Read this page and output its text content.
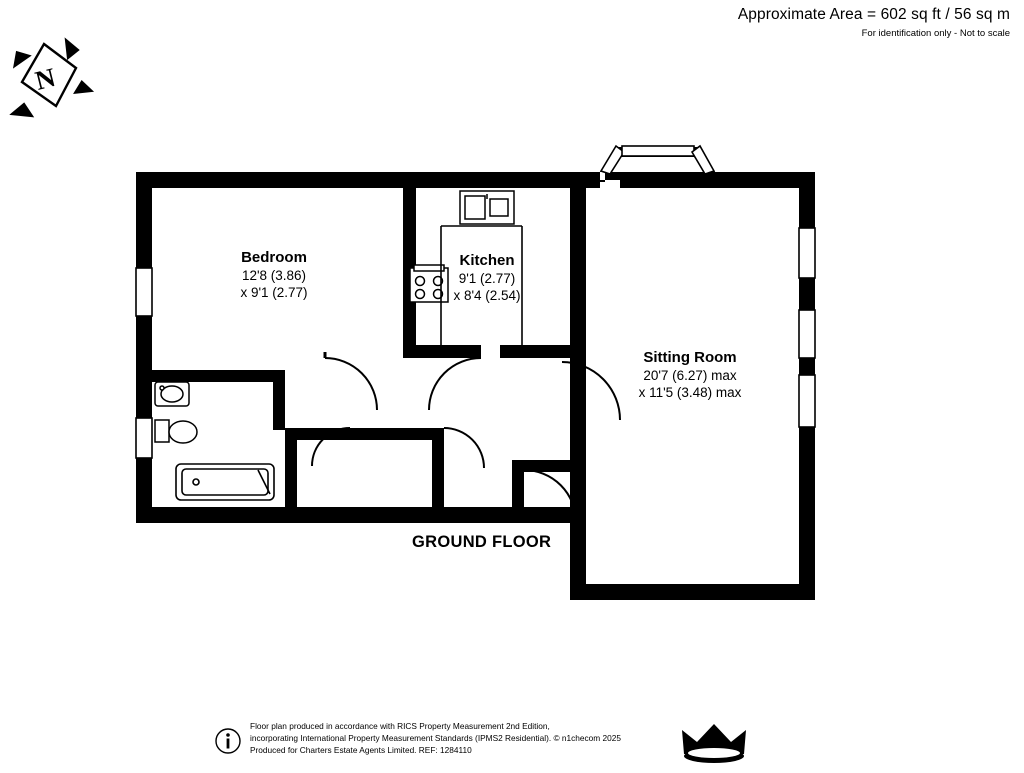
Approximate Area = 602 sq ft / 56 sq m
For identification only - Not to scale
N
Bedroom
12'8 (3.86)
x 9'1 (2.77)
Kitchen
9'1 (2.77)
x 8'4 (2.54)
Sitting Room
20'7 (6.27) max
x 11'5 (3.48) max
GROUND FLOOR
Floor plan produced in accordance with RICS Property Measurement 2nd Edition,
incorporating International Property Measurement Standards (IPMS2 Residential). © n1checom 2025
Produced for Charters Estate Agents Limited. REF: 1284110
